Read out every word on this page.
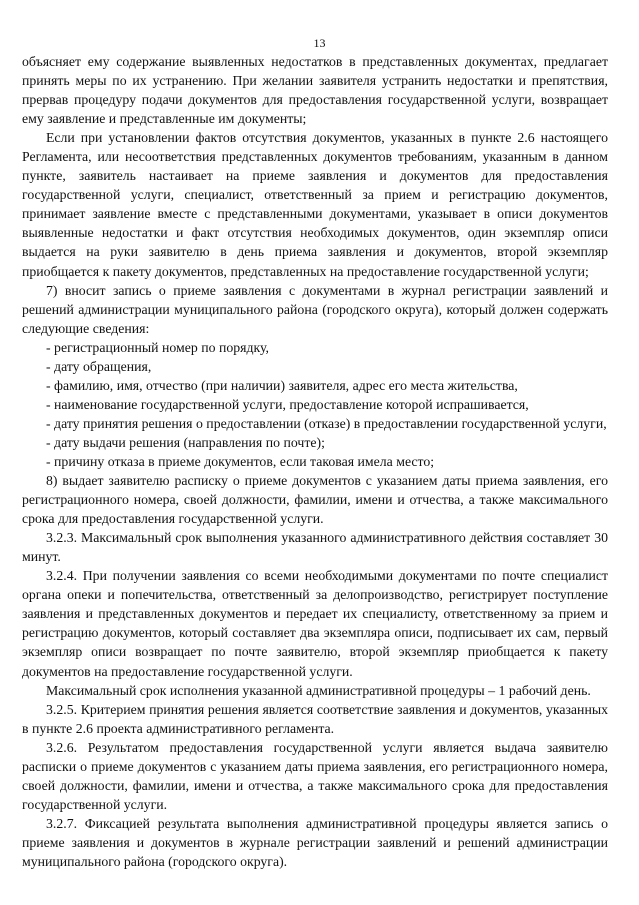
13

объясняет ему содержание выявленных недостатков в представленных документах, предлагает принять меры по их устранению. При желании заявителя устранить недостатки и препятствия, прервав процедуру подачи документов для предоставления государственной услуги, возвращает ему заявление и представленные им документы;

Если при установлении фактов отсутствия документов, указанных в пункте 2.6 настоящего Регламента, или несоответствия представленных документов требованиям, указанным в данном пункте, заявитель настаивает на приеме заявления и документов для предоставления государственной услуги, специалист, ответственный за прием и регистрацию документов, принимает заявление вместе с представленными документами, указывает в описи документов выявленные недостатки и факт отсутствия необходимых документов, один экземпляр описи выдается на руки заявителю в день приема заявления и документов, второй экземпляр приобщается к пакету документов, представленных на предоставление государственной услуги;

7) вносит запись о приеме заявления с документами в журнал регистрации заявлений и решений администрации муниципального района (городского округа), который должен содержать следующие сведения:

- регистрационный номер по порядку,

- дату обращения,

- фамилию, имя, отчество (при наличии) заявителя, адрес его места жительства,

- наименование государственной услуги, предоставление которой испрашивается,

- дату принятия решения о предоставлении (отказе) в предоставлении государственной услуги,

- дату выдачи решения (направления по почте);

- причину отказа в приеме документов, если таковая имела место;

8) выдает заявителю расписку о приеме документов с указанием даты приема заявления, его регистрационного номера, своей должности, фамилии, имени и отчества, а также максимального срока для предоставления государственной услуги.

3.2.3. Максимальный срок выполнения указанного административного действия составляет 30 минут.

3.2.4. При получении заявления со всеми необходимыми документами по почте специалист органа опеки и попечительства, ответственный за делопроизводство, регистрирует поступление заявления и представленных документов и передает их специалисту, ответственному за прием и регистрацию документов, который составляет два экземпляра описи, подписывает их сам, первый экземпляр описи возвращает по почте заявителю, второй экземпляр приобщается к пакету документов на предоставление государственной услуги.

Максимальный срок исполнения указанной административной процедуры – 1 рабочий день.

3.2.5. Критерием принятия решения является соответствие заявления и документов, указанных в пункте 2.6 проекта административного регламента.

3.2.6. Результатом предоставления государственной услуги является выдача заявителю расписки о приеме документов с указанием даты приема заявления, его регистрационного номера, своей должности, фамилии, имени и отчества, а также максимального срока для предоставления государственной услуги.

3.2.7. Фиксацией результата выполнения административной процедуры является запись о приеме заявления и документов в журнале регистрации заявлений и решений администрации муниципального района (городского округа).
